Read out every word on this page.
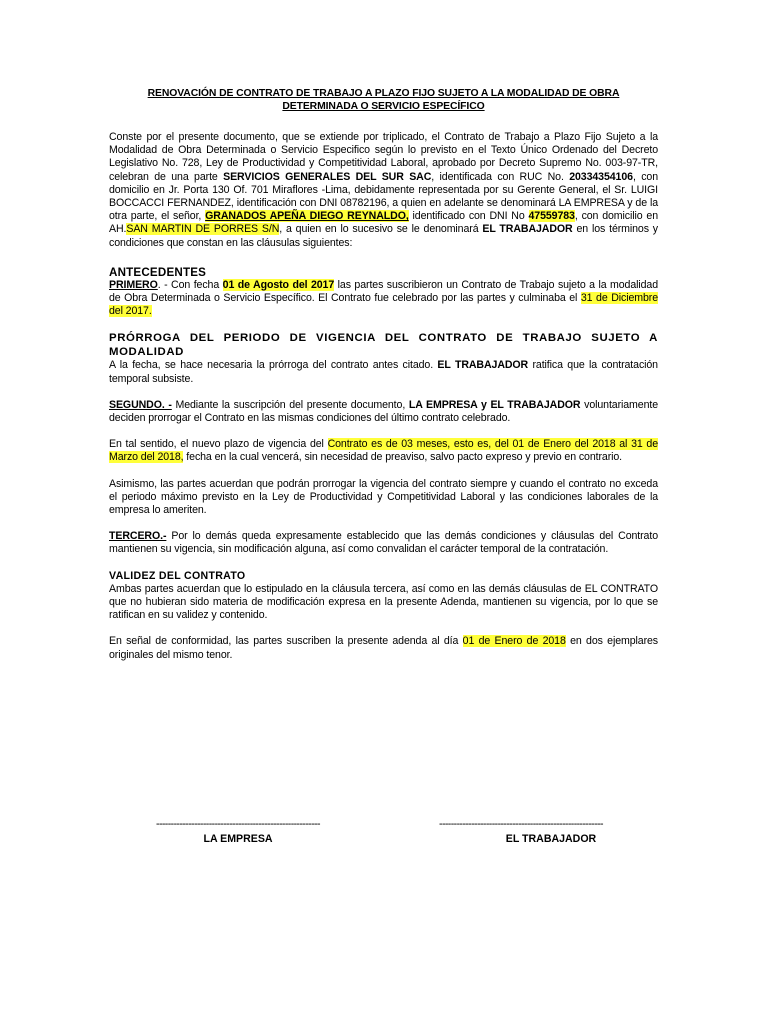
RENOVACIÓN DE CONTRATO DE TRABAJO A PLAZO FIJO SUJETO A LA MODALIDAD DE OBRA
DETERMINADA O SERVICIO ESPECÍFICO

Conste por el presente documento, que se extiende por triplicado, el Contrato de Trabajo a Plazo Fijo Sujeto a la Modalidad de Obra Determinada o Servicio Especifico según lo previsto en el Texto Único Ordenado del Decreto Legislativo No. 728, Ley de Productividad y Competitividad Laboral, aprobado por Decreto Supremo No. 003-97-TR, celebran de una parte SERVICIOS GENERALES DEL SUR SAC, identificada con RUC No. 20334354106, con domicilio en Jr. Porta 130 Of. 701 Miraflores -Lima, debidamente representada por su Gerente General, el Sr. LUIGI BOCCACCI FERNANDEZ, identificación con DNI 08782196, a quien en adelante se denominará LA EMPRESA y de la otra parte, el señor, GRANADOS APEÑA DIEGO REYNALDO, identificado con DNI No 47559783, con domicilio en AH.SAN MARTIN DE PORRES S/N, a quien en lo sucesivo se le denominará EL TRABAJADOR en los términos y condiciones que constan en las cláusulas siguientes:

ANTECEDENTES

PRIMERO. - Con fecha 01 de Agosto del 2017 las partes suscribieron un Contrato de Trabajo sujeto a la modalidad de Obra Determinada o Servicio Específico. El Contrato fue celebrado por las partes y culminaba el 31 de Diciembre del 2017.

PRÓRROGA DEL PERIODO DE VIGENCIA DEL CONTRATO DE TRABAJO SUJETO A MODALIDAD

A la fecha, se hace necesaria la prórroga del contrato antes citado. EL TRABAJADOR ratifica que la contratación temporal subsiste.

SEGUNDO. - Mediante la suscripción del presente documento, LA EMPRESA y EL TRABAJADOR voluntariamente deciden prorrogar el Contrato en las mismas condiciones del último contrato celebrado.

En tal sentido, el nuevo plazo de vigencia del Contrato es de 03 meses, esto es, del 01 de Enero del 2018 al 31 de Marzo del 2018, fecha en la cual vencerá, sin necesidad de preaviso, salvo pacto expreso y previo en contrario.

Asimismo, las partes acuerdan que podrán prorrogar la vigencia del contrato siempre y cuando el contrato no exceda el periodo máximo previsto en la Ley de Productividad y Competitividad Laboral y las condiciones laborales de la empresa lo ameriten.

TERCERO.- Por lo demás queda expresamente establecido que las demás condiciones y cláusulas del Contrato mantienen su vigencia, sin modificación alguna, así como convalidan el carácter temporal de la contratación.

VALIDEZ DEL CONTRATO

Ambas partes acuerdan que lo estipulado en la cláusula tercera, así como en las demás cláusulas de EL CONTRATO que no hubieran sido materia de modificación expresa en la presente Adenda, mantienen su vigencia, por lo que se ratifican en su validez y contenido.

En señal de conformidad, las partes suscriben la presente adenda al día 01 de Enero de 2018 en dos ejemplares originales del mismo tenor.

--------------------------------------------------------
LA EMPRESA
--------------------------------------------------------
EL TRABAJADOR
